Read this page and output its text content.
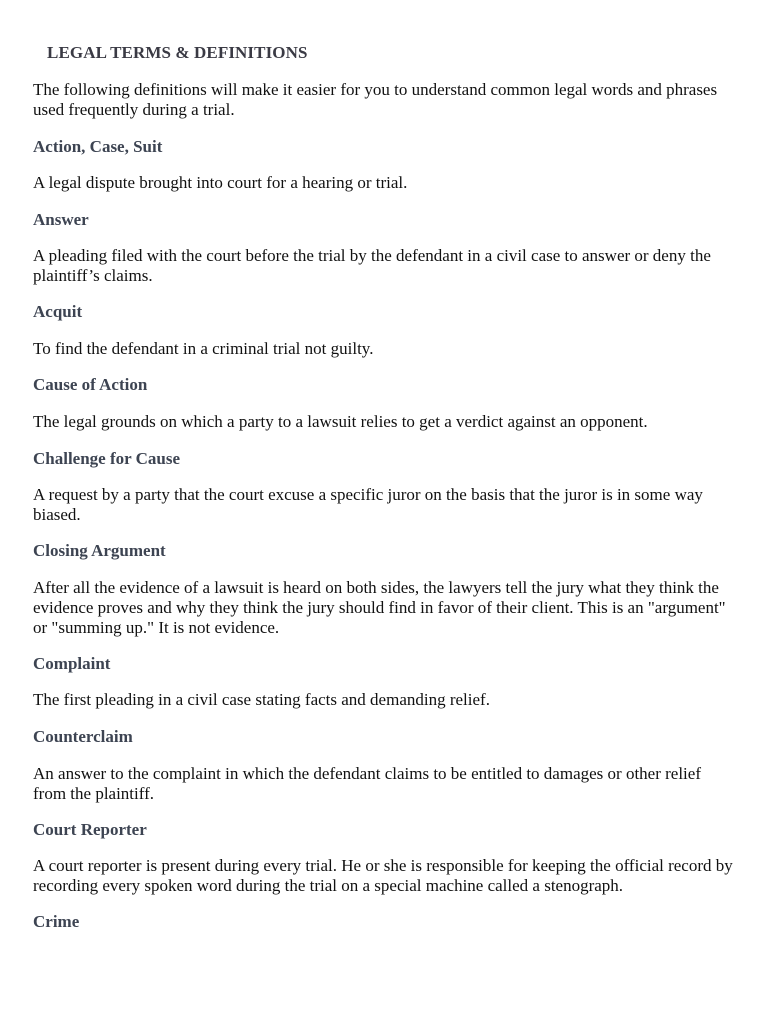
LEGAL TERMS & DEFINITIONS

The following definitions will make it easier for you to understand common legal words and phrases used frequently during a trial.

Action, Case, Suit

A legal dispute brought into court for a hearing or trial.

Answer

A pleading filed with the court before the trial by the defendant in a civil case to answer or deny the plaintiff’s claims.

Acquit

To find the defendant in a criminal trial not guilty.

Cause of Action

The legal grounds on which a party to a lawsuit relies to get a verdict against an opponent.

Challenge for Cause

A request by a party that the court excuse a specific juror on the basis that the juror is in some way biased.

Closing Argument

After all the evidence of a lawsuit is heard on both sides, the lawyers tell the jury what they think the evidence proves and why they think the jury should find in favor of their client. This is an "argument" or "summing up." It is not evidence.

Complaint

The first pleading in a civil case stating facts and demanding relief.

Counterclaim

An answer to the complaint in which the defendant claims to be entitled to damages or other relief from the plaintiff.

Court Reporter

A court reporter is present during every trial. He or she is responsible for keeping the official record by recording every spoken word during the trial on a special machine called a stenograph.

Crime
